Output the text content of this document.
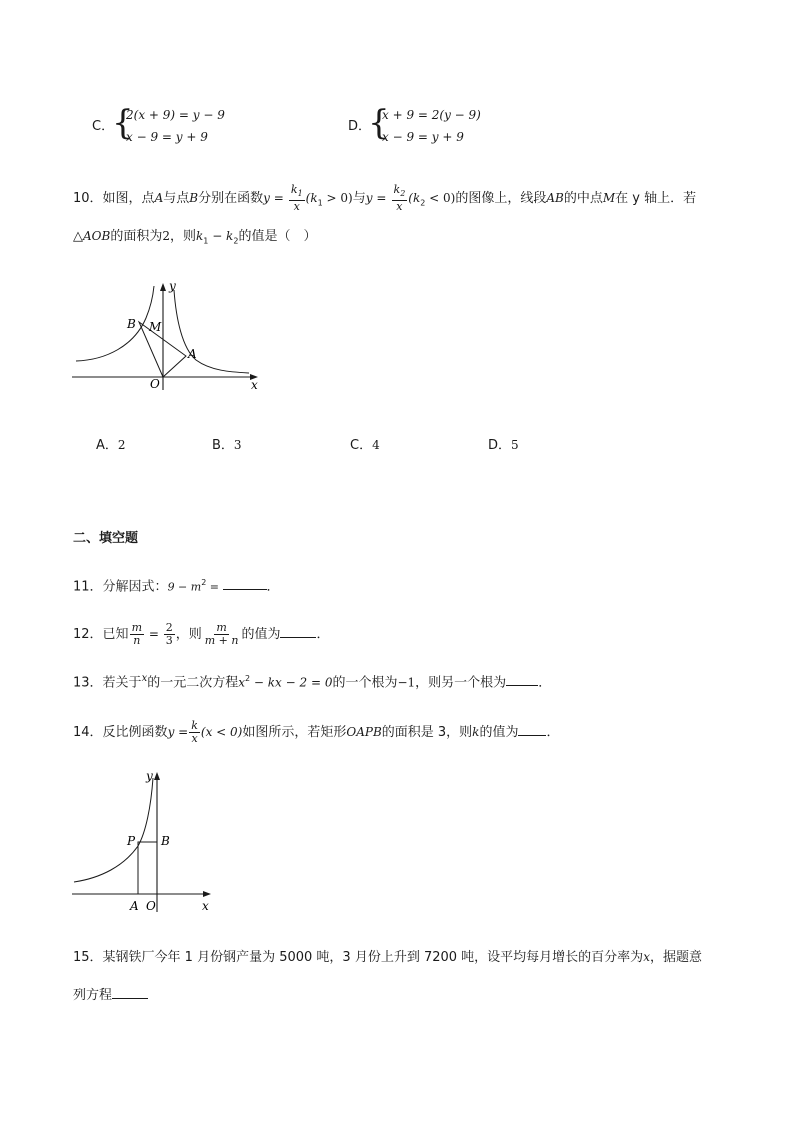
C．
{
2(x + 9) = y − 9
x − 9 = y + 9
D．
{
x + 9 = 2(y − 9)
x − 9 = y + 9
10．如图，点A与点B分别在函数$y = \frac{k_1}{x} (k_1 > 0)$与$y = \frac{k_2}{x} (k_2 < 0)$的图像上，线段AB的中点M在 y 轴上．若
△AOB的面积为2，则$k_1 - k_2$的值是（　）
y
B M
A
O	x
A．2	B．3	C．4	D．5
二、填空题
11．分解因式：$9 - m^2$ =	．
12．已知 $\frac{m}{n} = \frac{2}{3}$ ，则 $\frac{m}{m + n}$ 的值为	．
13．若关于$^x$的一元二次方程$x^2$ − kx − 2 = 0的一个根为−1，则另一个根为 ．
14．反比例函数$y = \frac{k}{x} (x < 0)$如图所示，若矩形OAPB的面积是 3，则k的值为 ．
y
P B
A O	x
15．某钢铁厂今年 1 月份钢产量为 5000 吨，3 月份上升到 7200 吨，设平均每月增长的百分率为x，据题意
列方程
